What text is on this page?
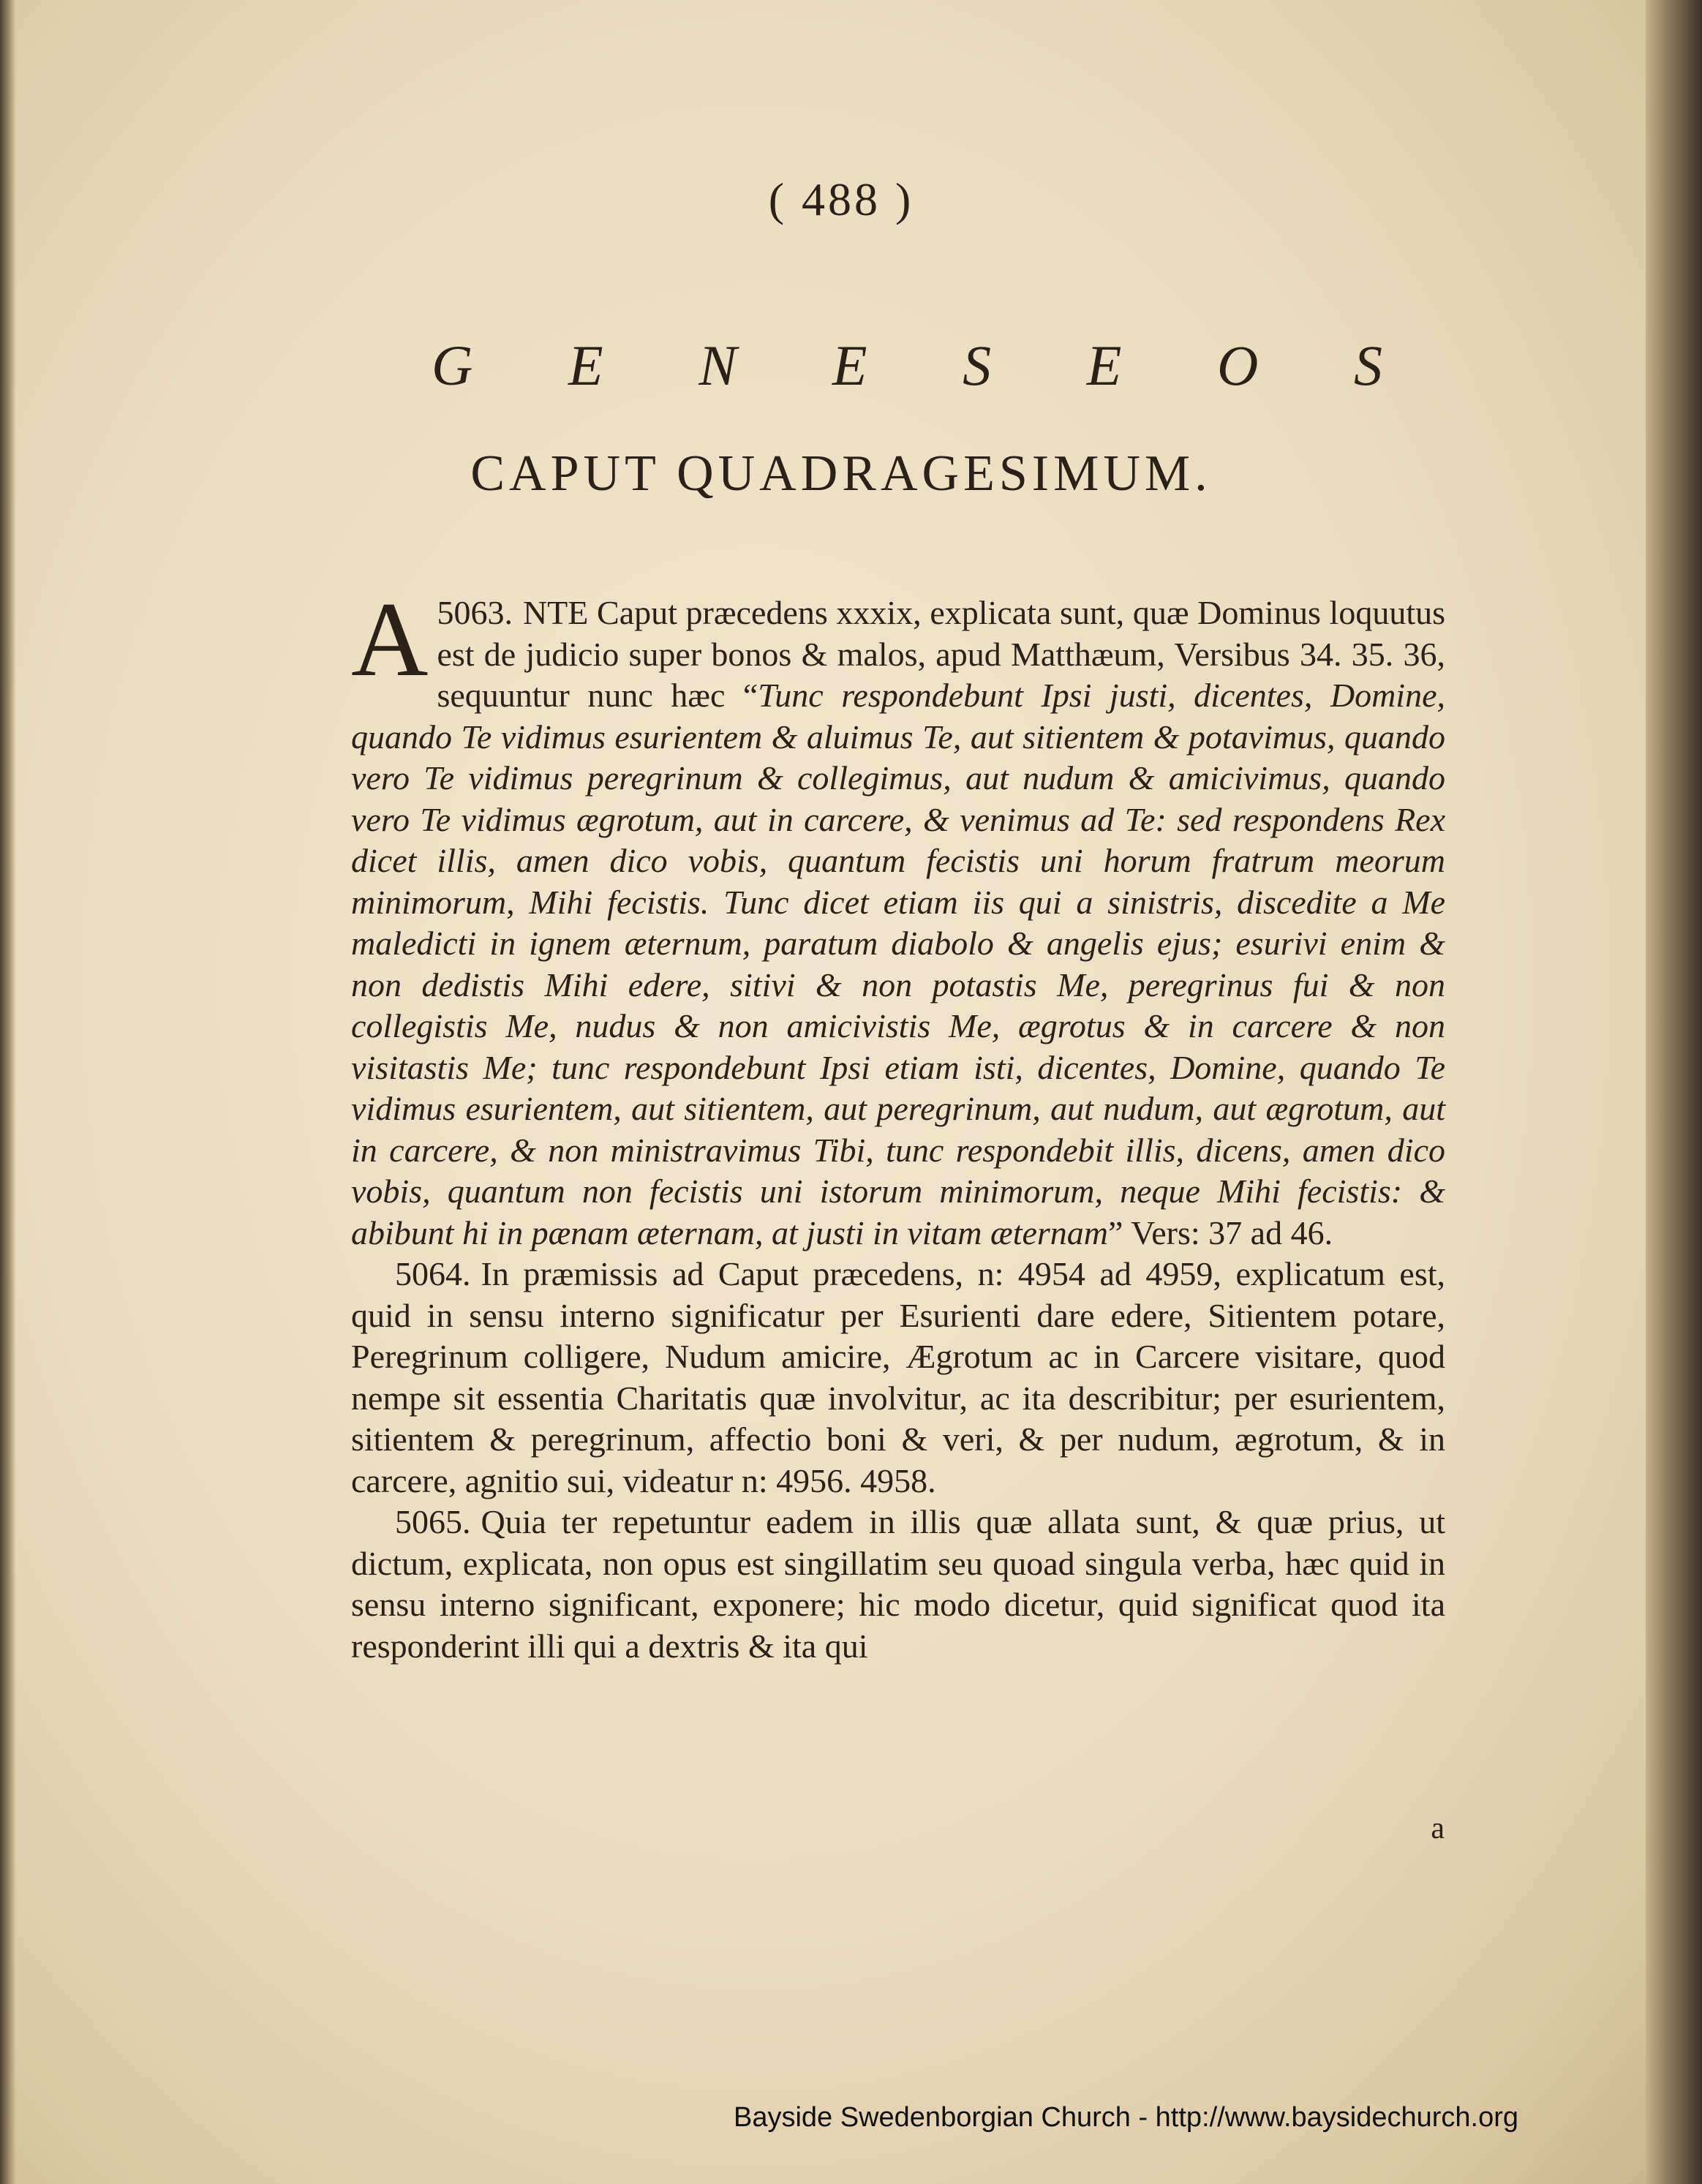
( 488 )
G E N E S E O S
CAPUT QUADRAGESIMUM.

5063.
A	NTE Caput præcedens xxxix, explicata sunt, quæ Dominus loquutus est de judicio super bonos & malos, apud Matthæum, Versibus 34. 35. 36, sequuntur nunc hæc “Tunc respondebunt Ipsi justi, dicentes, Domine, quando Te vidimus esurientem & aluimus Te, aut sitientem & potavimus, quando vero Te vidimus peregrinum & collegimus, aut nudum & amicivimus, quando vero Te vidimus ægrotum, aut in carcere, & venimus ad Te: sed respondens Rex dicet illis, amen dico vobis, quantum fecistis uni horum fratrum meorum minimorum, Mihi fecistis. Tunc dicet etiam iis qui a sinistris, discedite a Me maledicti in ignem æternum, paratum diabolo & angelis ejus; esurivi enim & non dedistis Mihi edere, sitivi & non potastis Me, peregrinus fui & non collegistis Me, nudus & non amicivistis Me, ægrotus & in carcere & non visitastis Me; tunc respondebunt Ipsi etiam isti, dicentes, Domine, quando Te vidimus esurientem, aut sitientem, aut peregrinum, aut nudum, aut ægrotum, aut in carcere, & non ministravimus Tibi, tunc respondebit illis, dicens, amen dico vobis, quantum non fecistis uni istorum minimorum, neque Mihi fecistis: & abibunt hi in pænam æternam, at justi in vitam æternam” Vers: 37 ad 46.

5064. In præmissis ad Caput præcedens, n: 4954 ad 4959, explicatum est, quid in sensu interno significatur per Esurienti dare edere, Sitientem potare, Peregrinum colligere, Nudum amicire, Ægrotum ac in Carcere visitare, quod nempe sit essentia Charitatis quæ involvitur, ac ita describitur; per esurientem, sitientem & peregrinum, affectio boni & veri, & per nudum, ægrotum, & in carcere, agnitio sui, videatur n: 4956. 4958.

5065. Quia ter repetuntur eadem in illis quæ allata sunt, & quæ prius, ut dictum, explicata, non opus est singillatim seu quoad singula verba, hæc quid in sensu interno significant, exponere; hic modo dicetur, quid significat quod ita responderint illi qui a dextris & ita qui

a
Bayside Swedenborgian Church - http://www.baysidechurch.org
